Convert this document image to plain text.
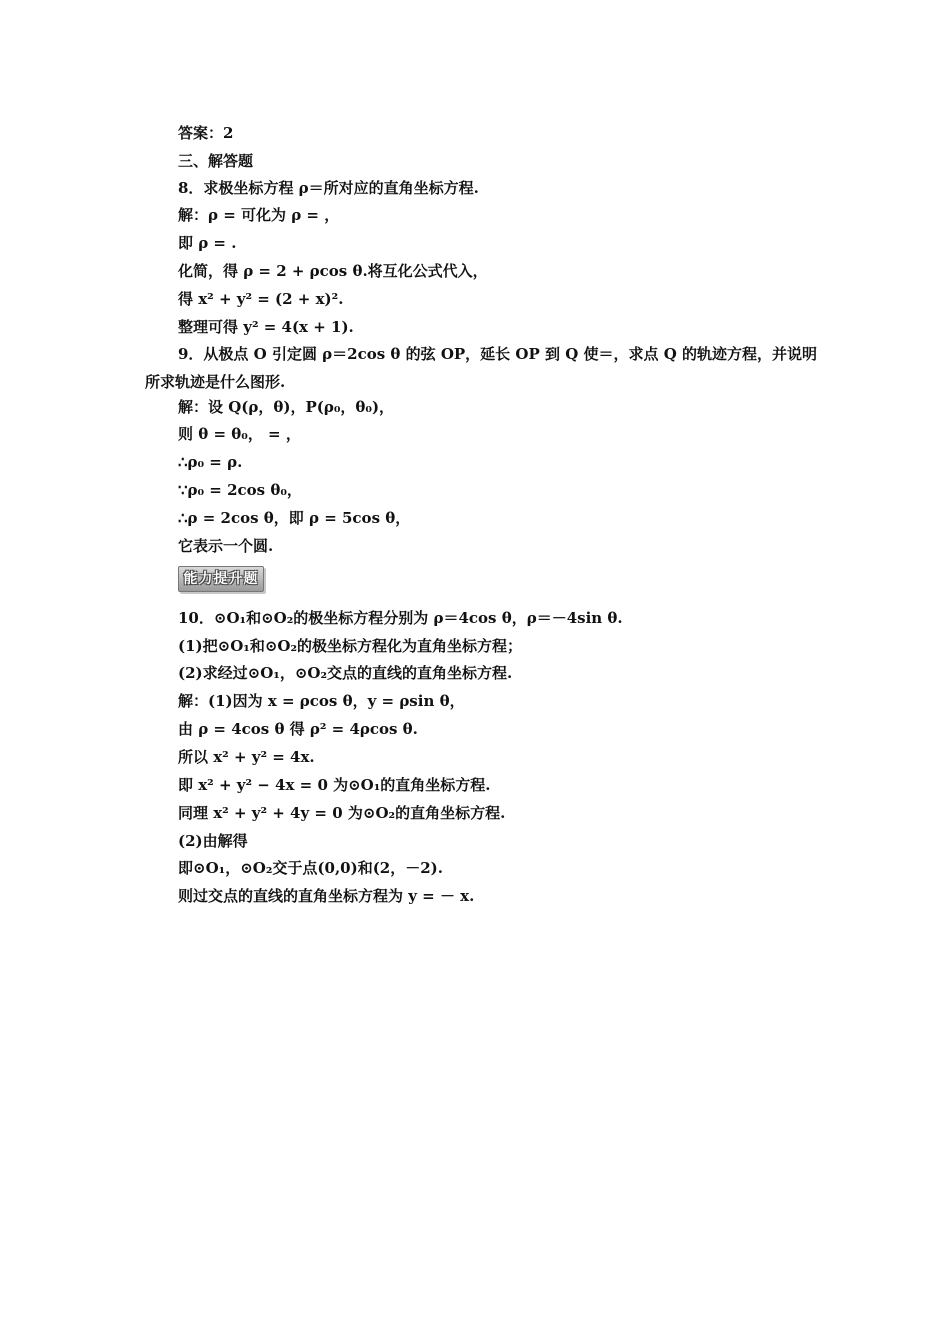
答案：2
三、解答题
8．求极坐标方程 ρ＝所对应的直角坐标方程.
解：ρ = 可化为 ρ = ，
即 ρ = .
化简，得 ρ = 2 + ρcos θ.将互化公式代入，
得 x² + y² = (2 + x)².
整理可得 y² = 4(x + 1).
9．从极点 O 引定圆 ρ＝2cos θ 的弦 OP，延长 OP 到 Q 使＝，求点 Q 的轨迹方程，并说明
所求轨迹是什么图形.
解：设 Q(ρ，θ)，P(ρ₀，θ₀)，
则 θ = θ₀， = ，
∴ρ₀ = ρ.
∵ρ₀ = 2cos θ₀，
∴ρ = 2cos θ，即 ρ = 5cos θ，
它表示一个圆.
能力提升题
10．⊙O₁和⊙O₂的极坐标方程分别为 ρ＝4cos θ，ρ＝－4sin θ.
(1)把⊙O₁和⊙O₂的极坐标方程化为直角坐标方程；
(2)求经过⊙O₁，⊙O₂交点的直线的直角坐标方程.
解：(1)因为 x = ρcos θ，y = ρsin θ，
由 ρ = 4cos θ 得 ρ² = 4ρcos θ.
所以 x² + y² = 4x.
即 x² + y² − 4x = 0 为⊙O₁的直角坐标方程.
同理 x² + y² + 4y = 0 为⊙O₂的直角坐标方程.
(2)由解得
即⊙O₁，⊙O₂交于点(0,0)和(2，－2).
则过交点的直线的直角坐标方程为 y = － x.
